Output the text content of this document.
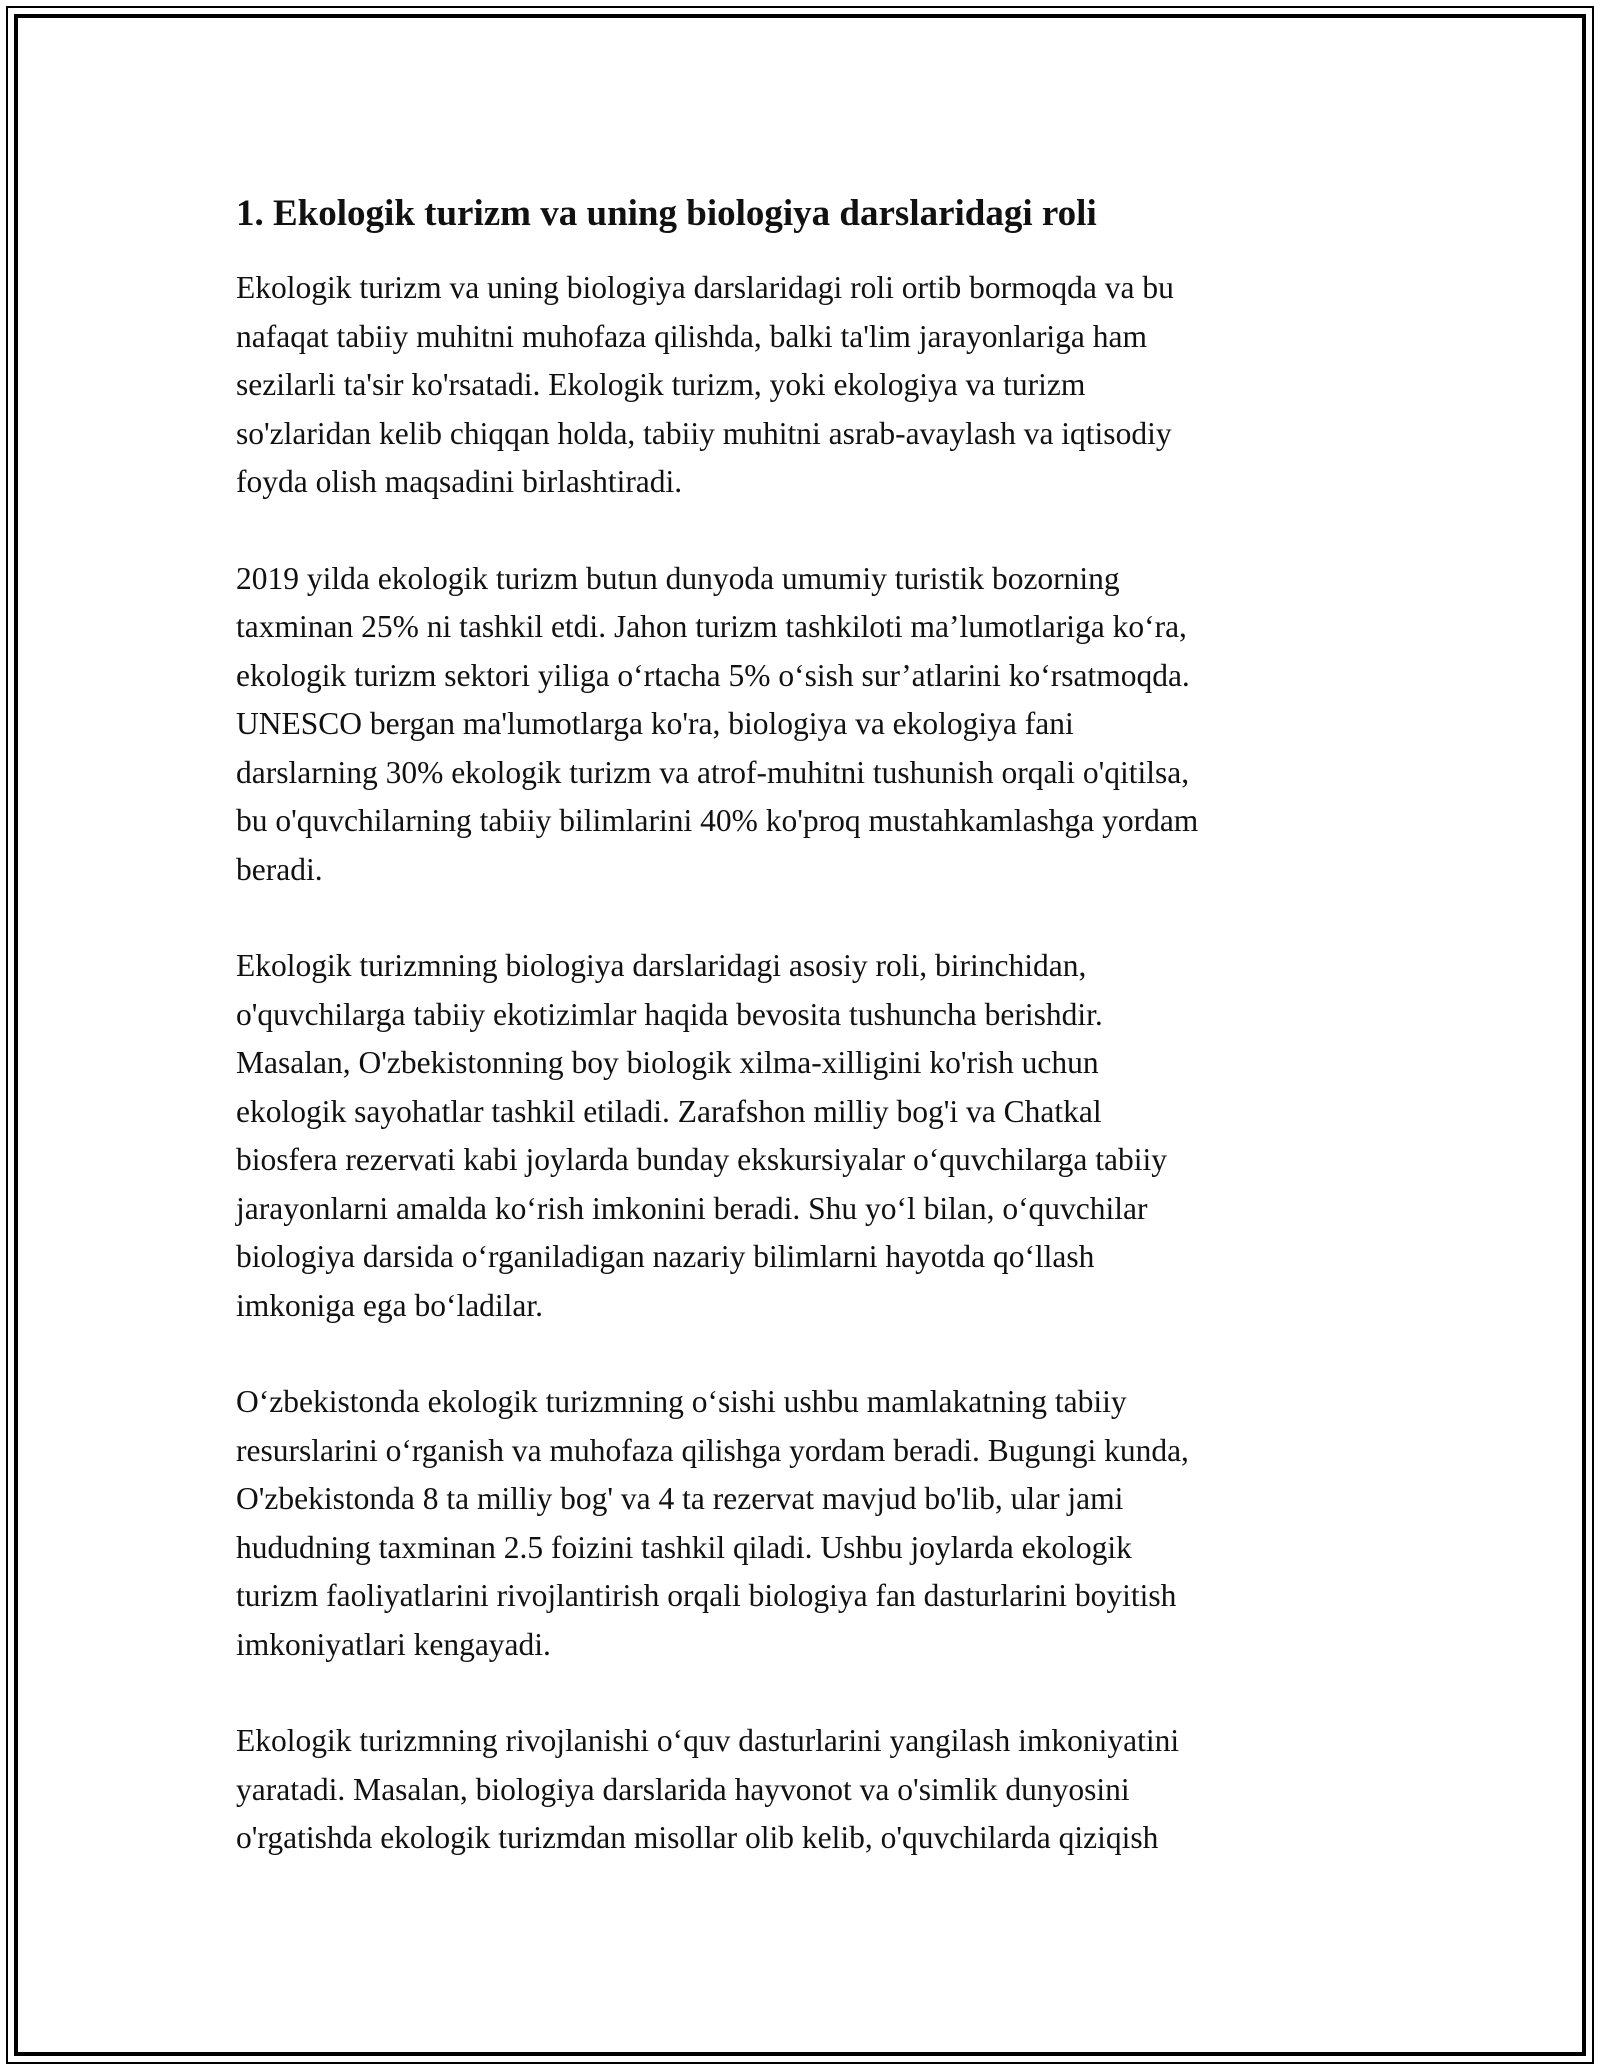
1. Ekologik turizm va uning biologiya darslaridagi roli

Ekologik turizm va uning biologiya darslaridagi roli ortib bormoqda va bu
nafaqat tabiiy muhitni muhofaza qilishda, balki ta'lim jarayonlariga ham
sezilarli ta'sir ko'rsatadi. Ekologik turizm, yoki ekologiya va turizm
so'zlaridan kelib chiqqan holda, tabiiy muhitni asrab-avaylash va iqtisodiy
foyda olish maqsadini birlashtiradi.

2019 yilda ekologik turizm butun dunyoda umumiy turistik bozorning
taxminan 25% ni tashkil etdi. Jahon turizm tashkiloti ma’lumotlariga ko‘ra,
ekologik turizm sektori yiliga o‘rtacha 5% o‘sish sur’atlarini ko‘rsatmoqda.
UNESCO bergan ma'lumotlarga ko'ra, biologiya va ekologiya fani
darslarning 30% ekologik turizm va atrof-muhitni tushunish orqali o'qitilsa,
bu o'quvchilarning tabiiy bilimlarini 40% ko'proq mustahkamlashga yordam
beradi.

Ekologik turizmning biologiya darslaridagi asosiy roli, birinchidan,
o'quvchilarga tabiiy ekotizimlar haqida bevosita tushuncha berishdir.
Masalan, O'zbekistonning boy biologik xilma-xilligini ko'rish uchun
ekologik sayohatlar tashkil etiladi. Zarafshon milliy bog'i va Chatkal
biosfera rezervati kabi joylarda bunday ekskursiyalar o‘quvchilarga tabiiy
jarayonlarni amalda ko‘rish imkonini beradi. Shu yo‘l bilan, o‘quvchilar
biologiya darsida o‘rganiladigan nazariy bilimlarni hayotda qo‘llash
imkoniga ega bo‘ladilar.

O‘zbekistonda ekologik turizmning o‘sishi ushbu mamlakatning tabiiy
resurslarini o‘rganish va muhofaza qilishga yordam beradi. Bugungi kunda,
O'zbekistonda 8 ta milliy bog' va 4 ta rezervat mavjud bo'lib, ular jami
hududning taxminan 2.5 foizini tashkil qiladi. Ushbu joylarda ekologik
turizm faoliyatlarini rivojlantirish orqali biologiya fan dasturlarini boyitish
imkoniyatlari kengayadi.

Ekologik turizmning rivojlanishi o‘quv dasturlarini yangilash imkoniyatini
yaratadi. Masalan, biologiya darslarida hayvonot va o'simlik dunyosini
o'rgatishda ekologik turizmdan misollar olib kelib, o'quvchilarda qiziqish
